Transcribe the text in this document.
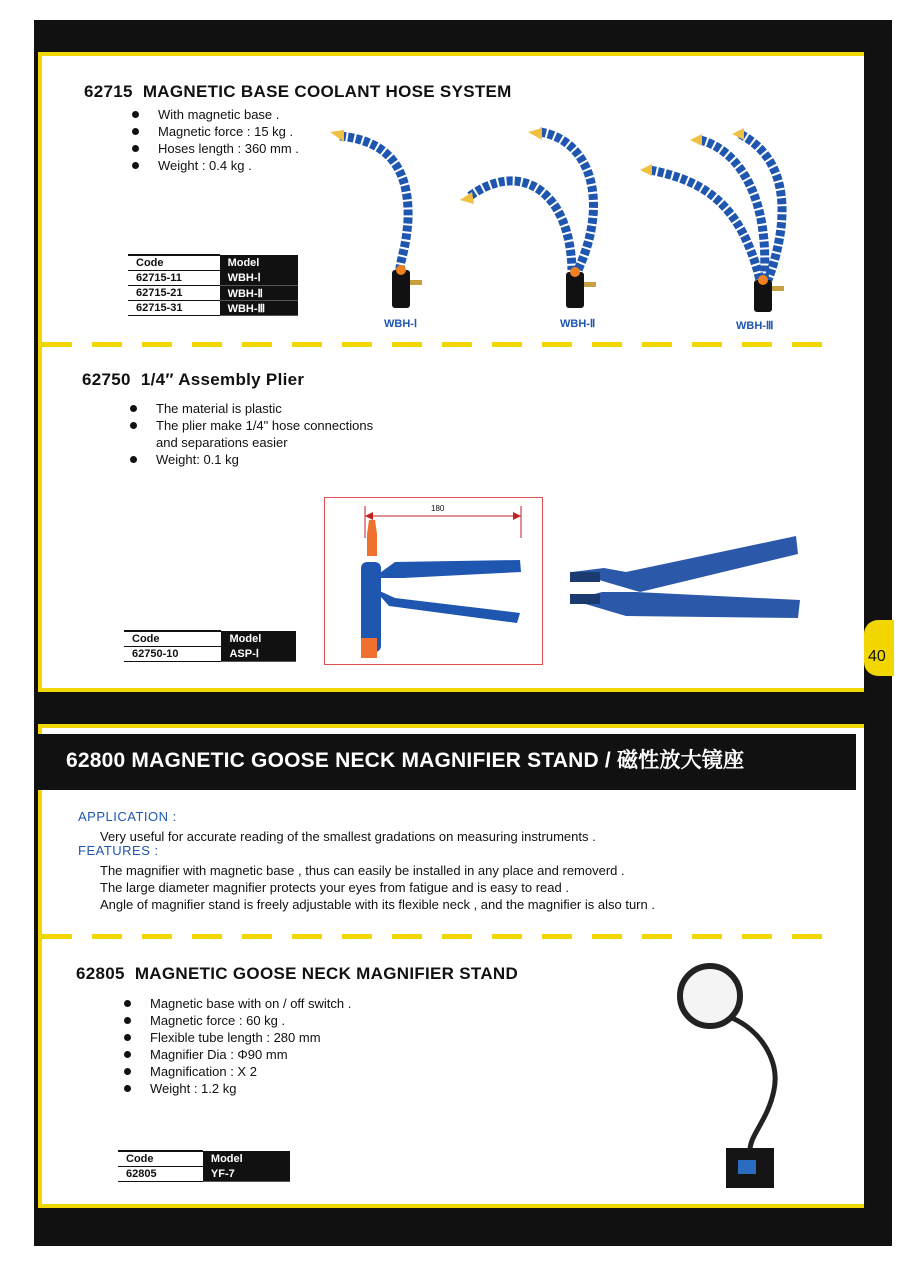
62715 MAGNETIC BASE COOLANT HOSE SYSTEM
With magnetic base .
Magnetic force : 15 kg .
Hoses length : 360 mm .
Weight : 0.4 kg .
Code	Model
62715-11	WBH-Ⅰ
62715-21	WBH-Ⅱ
62715-31	WBH-Ⅲ
WBH-Ⅰ	WBH-Ⅱ	WBH-Ⅲ
62750 1/4″ Assembly Plier
The material is plastic
The plier make 1/4" hose connections
and separations easier
Weight: 0.1 kg
180
Code	Model
62750-10	ASP-Ⅰ	40
62800 MAGNETIC GOOSE NECK MAGNIFIER STAND / 磁性放大镜座
APPLICATION :
Very useful for accurate reading of the smallest gradations on measuring instruments .
FEATURES :
The magnifier with magnetic base , thus can easily be installed in any place and removerd .
The large diameter magnifier protects your eyes from fatigue and is easy to read .
Angle of magnifier stand is freely adjustable with its flexible neck , and the magnifier is also turn .
62805 MAGNETIC GOOSE NECK MAGNIFIER STAND
Magnetic base with on / off switch .
Magnetic force : 60 kg .
Flexible tube length : 280 mm
Magnifier Dia : Φ90 mm
Magnification : X 2
Weight : 1.2 kg
Code	Model
62805	YF-7
